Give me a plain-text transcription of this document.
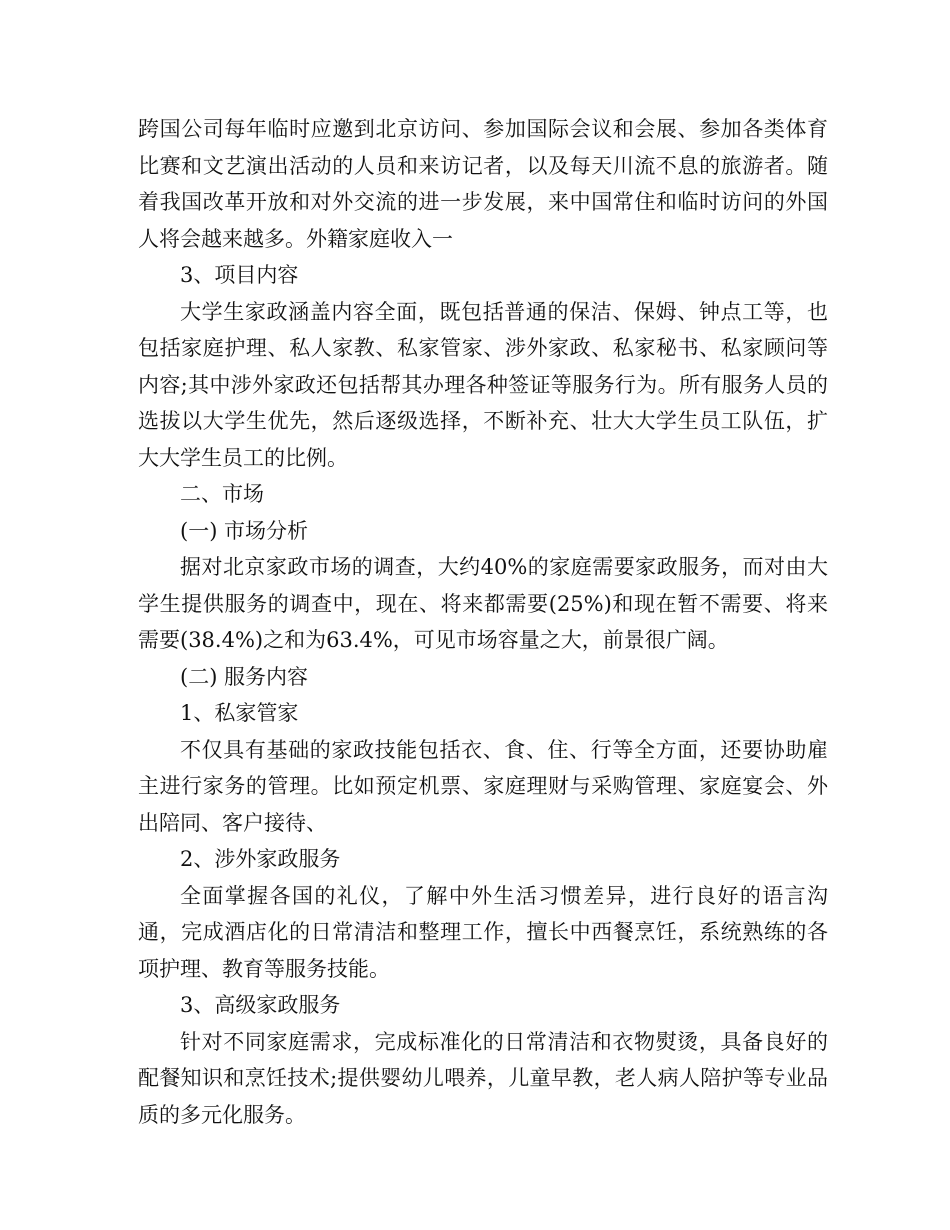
跨国公司每年临时应邀到北京访问、参加国际会议和会展、参加各类体育比赛和文艺演出活动的人员和来访记者，以及每天川流不息的旅游者。随着我国改革开放和对外交流的进一步发展，来中国常住和临时访问的外国人将会越来越多。外籍家庭收入一

3、项目内容

大学生家政涵盖内容全面，既包括普通的保洁、保姆、钟点工等，也包括家庭护理、私人家教、私家管家、涉外家政、私家秘书、私家顾问等内容;其中涉外家政还包括帮其办理各种签证等服务行为。所有服务人员的选拔以大学生优先，然后逐级选择，不断补充、壮大大学生员工队伍，扩大大学生员工的比例。

二、市场

(一) 市场分析

据对北京家政市场的调查，大约40%的家庭需要家政服务，而对由大学生提供服务的调查中，现在、将来都需要(25%)和现在暂不需要、将来需要(38.4%)之和为63.4%，可见市场容量之大，前景很广阔。

(二) 服务内容

1、私家管家

不仅具有基础的家政技能包括衣、食、住、行等全方面，还要协助雇主进行家务的管理。比如预定机票、家庭理财与采购管理、家庭宴会、外出陪同、客户接待、

2、涉外家政服务

全面掌握各国的礼仪，了解中外生活习惯差异，进行良好的语言沟通，完成酒店化的日常清洁和整理工作，擅长中西餐烹饪，系统熟练的各项护理、教育等服务技能。

3、高级家政服务

针对不同家庭需求，完成标准化的日常清洁和衣物熨烫，具备良好的配餐知识和烹饪技术;提供婴幼儿喂养，儿童早教，老人病人陪护等专业品质的多元化服务。
